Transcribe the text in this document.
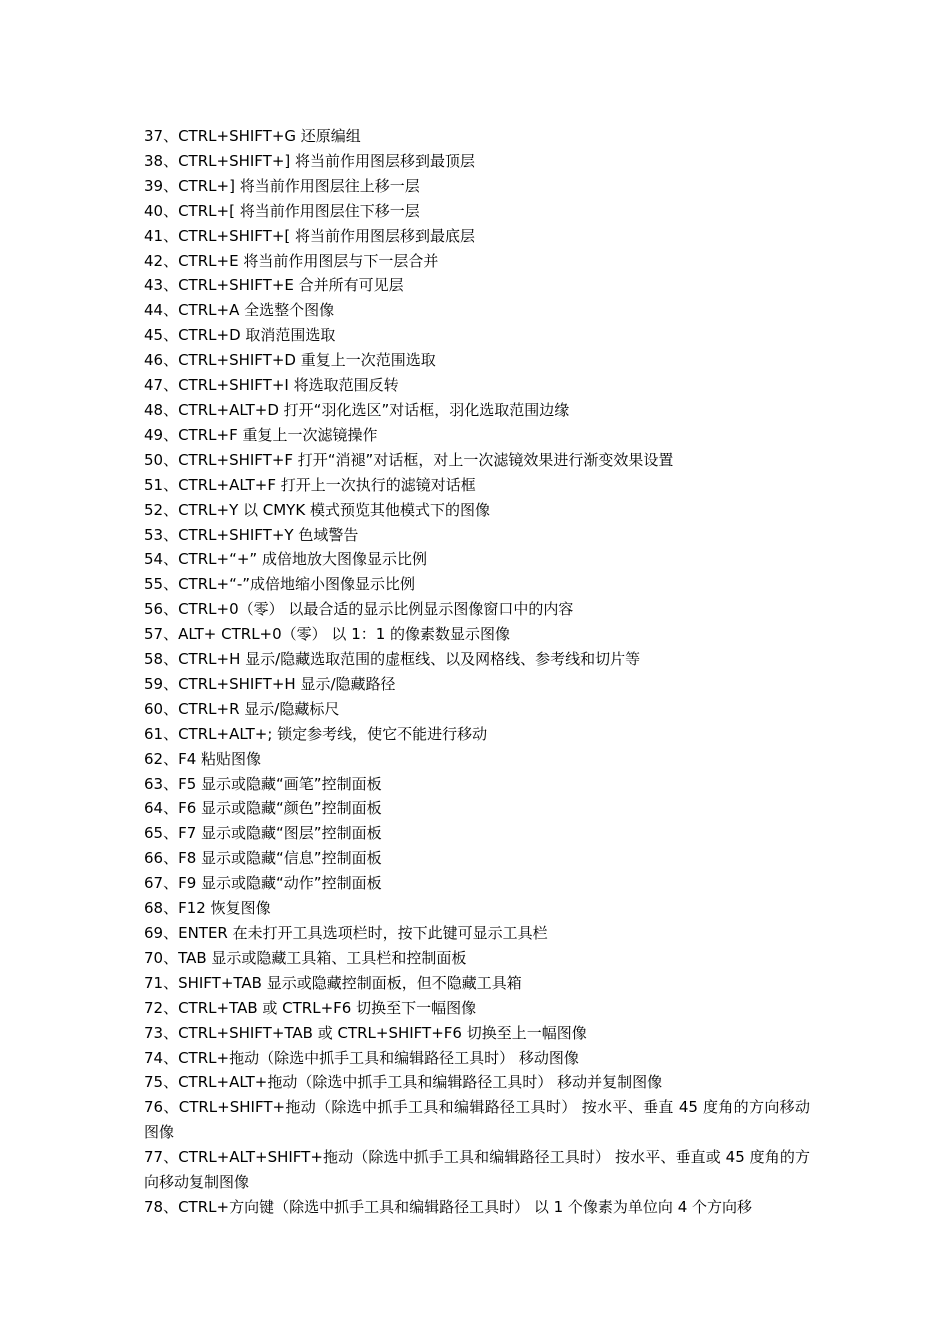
37、CTRL+SHIFT+G 还原编组
38、CTRL+SHIFT+] 将当前作用图层移到最顶层
39、CTRL+] 将当前作用图层往上移一层
40、CTRL+[ 将当前作用图层住下移一层
41、CTRL+SHIFT+[ 将当前作用图层移到最底层
42、CTRL+E 将当前作用图层与下一层合并
43、CTRL+SHIFT+E 合并所有可见层
44、CTRL+A 全选整个图像
45、CTRL+D 取消范围选取
46、CTRL+SHIFT+D 重复上一次范围选取
47、CTRL+SHIFT+I 将选取范围反转
48、CTRL+ALT+D 打开“羽化选区”对话框，羽化选取范围边缘
49、CTRL+F 重复上一次滤镜操作
50、CTRL+SHIFT+F 打开“消褪”对话框，对上一次滤镜效果进行渐变效果设置
51、CTRL+ALT+F 打开上一次执行的滤镜对话框
52、CTRL+Y 以 CMYK 模式预览其他模式下的图像
53、CTRL+SHIFT+Y 色域警告
54、CTRL+“+” 成倍地放大图像显示比例
55、CTRL+“-”成倍地缩小图像显示比例
56、CTRL+0（零） 以最合适的显示比例显示图像窗口中的内容
57、ALT+ CTRL+0（零） 以 1：1 的像素数显示图像
58、CTRL+H 显示/隐藏选取范围的虚框线、以及网格线、参考线和切片等
59、CTRL+SHIFT+H 显示/隐藏路径
60、CTRL+R 显示/隐藏标尺
61、CTRL+ALT+; 锁定参考线，使它不能进行移动
62、F4 粘贴图像
63、F5 显示或隐藏“画笔”控制面板
64、F6 显示或隐藏“颜色”控制面板
65、F7 显示或隐藏“图层”控制面板
66、F8 显示或隐藏“信息”控制面板
67、F9 显示或隐藏“动作”控制面板
68、F12 恢复图像
69、ENTER 在未打开工具选项栏时，按下此键可显示工具栏
70、TAB 显示或隐藏工具箱、工具栏和控制面板
71、SHIFT+TAB 显示或隐藏控制面板，但不隐藏工具箱
72、CTRL+TAB 或 CTRL+F6 切换至下一幅图像
73、CTRL+SHIFT+TAB 或 CTRL+SHIFT+F6 切换至上一幅图像
74、CTRL+拖动（除选中抓手工具和编辑路径工具时） 移动图像
75、CTRL+ALT+拖动（除选中抓手工具和编辑路径工具时） 移动并复制图像
76、CTRL+SHIFT+拖动（除选中抓手工具和编辑路径工具时） 按水平、垂直 45 度角的方向移动图像
77、CTRL+ALT+SHIFT+拖动（除选中抓手工具和编辑路径工具时） 按水平、垂直或 45 度角的方向移动复制图像
78、CTRL+方向键（除选中抓手工具和编辑路径工具时） 以 1 个像素为单位向 4 个方向移
